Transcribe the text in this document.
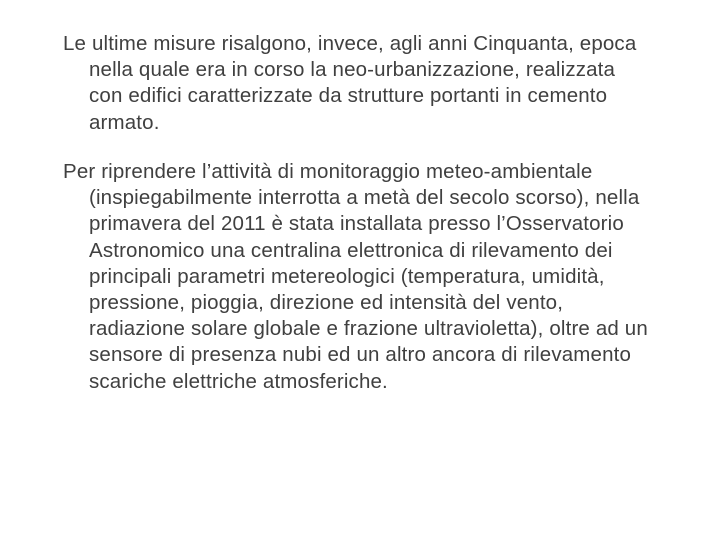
Le ultime misure risalgono, invece, agli anni Cinquanta, epoca
nella quale era in corso la neo-urbanizzazione, realizzata
con edifici caratterizzate da strutture portanti in cemento
armato.

Per riprendere l’attività di monitoraggio meteo-ambientale
(inspiegabilmente interrotta a metà del secolo scorso), nella
primavera del 2011 è stata installata presso l’Osservatorio
Astronomico una centralina elettronica di rilevamento dei
principali parametri metereologici (temperatura, umidità,
pressione, pioggia, direzione ed intensità del vento,
radiazione solare globale e frazione ultravioletta), oltre ad un
sensore di presenza nubi ed un altro ancora di rilevamento
scariche elettriche atmosferiche.
